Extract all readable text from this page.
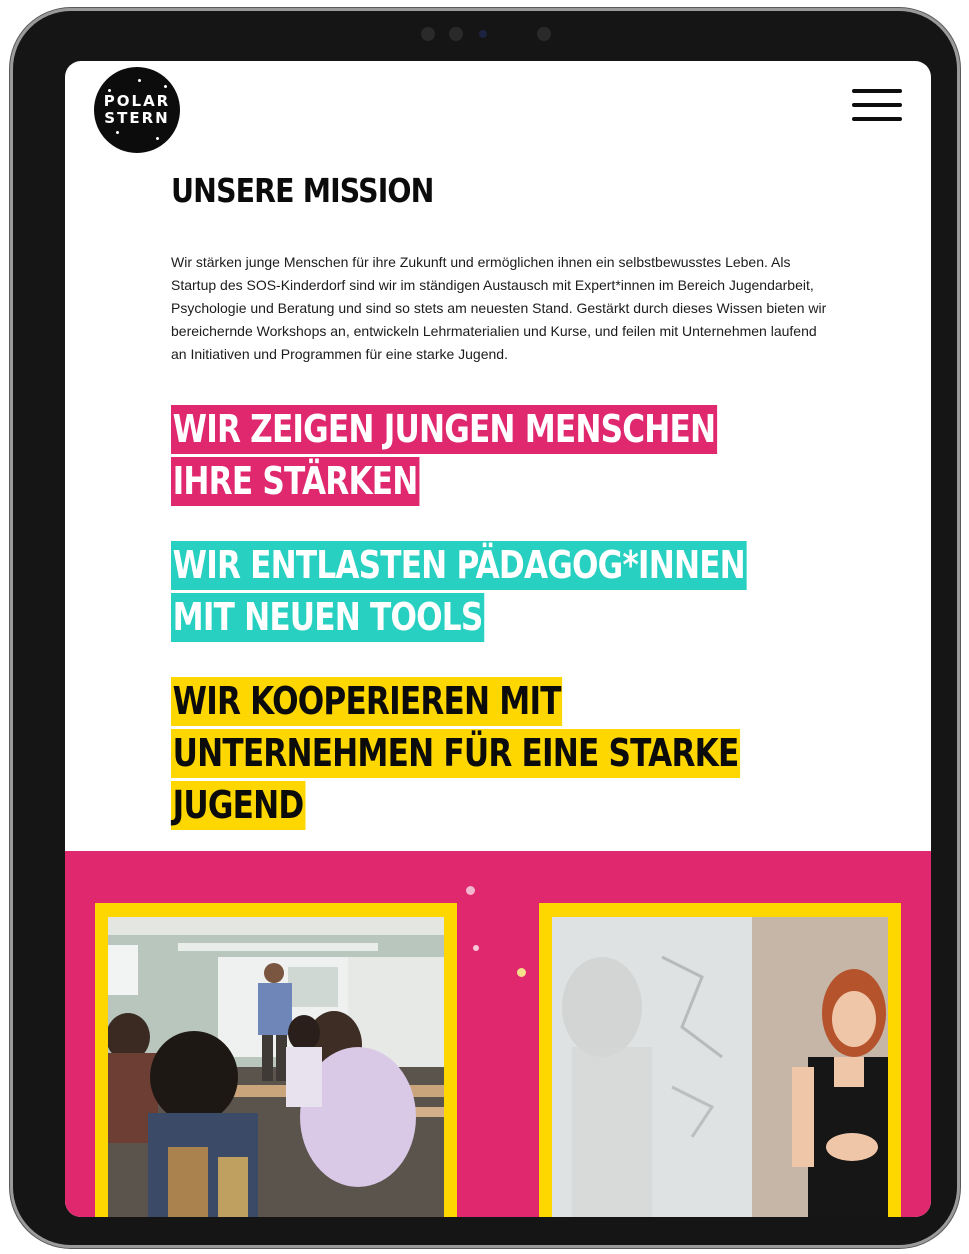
POLAR
STERN
UNSERE MISSION

Wir stärken junge Menschen für ihre Zukunft und ermöglichen ihnen ein selbstbewusstes Leben. Als Startup des SOS-Kinderdorf sind wir im ständigen Austausch mit Expert*innen im Bereich Jugendarbeit, Psychologie und Beratung und sind so stets am neuesten Stand. Gestärkt durch dieses Wissen bieten wir bereichernde Workshops an, entwickeln Lehrmaterialien und Kurse, und feilen mit Unternehmen laufend an Initiativen und Programmen für eine starke Jugend.

WIR ZEIGEN JUNGEN MENSCHEN IHRE STÄRKEN
WIR ENTLASTEN PÄDAGOG*INNEN MIT NEUEN TOOLS
WIR KOOPERIEREN MIT UNTERNEHMEN FÜR EINE STARKE JUGEND
